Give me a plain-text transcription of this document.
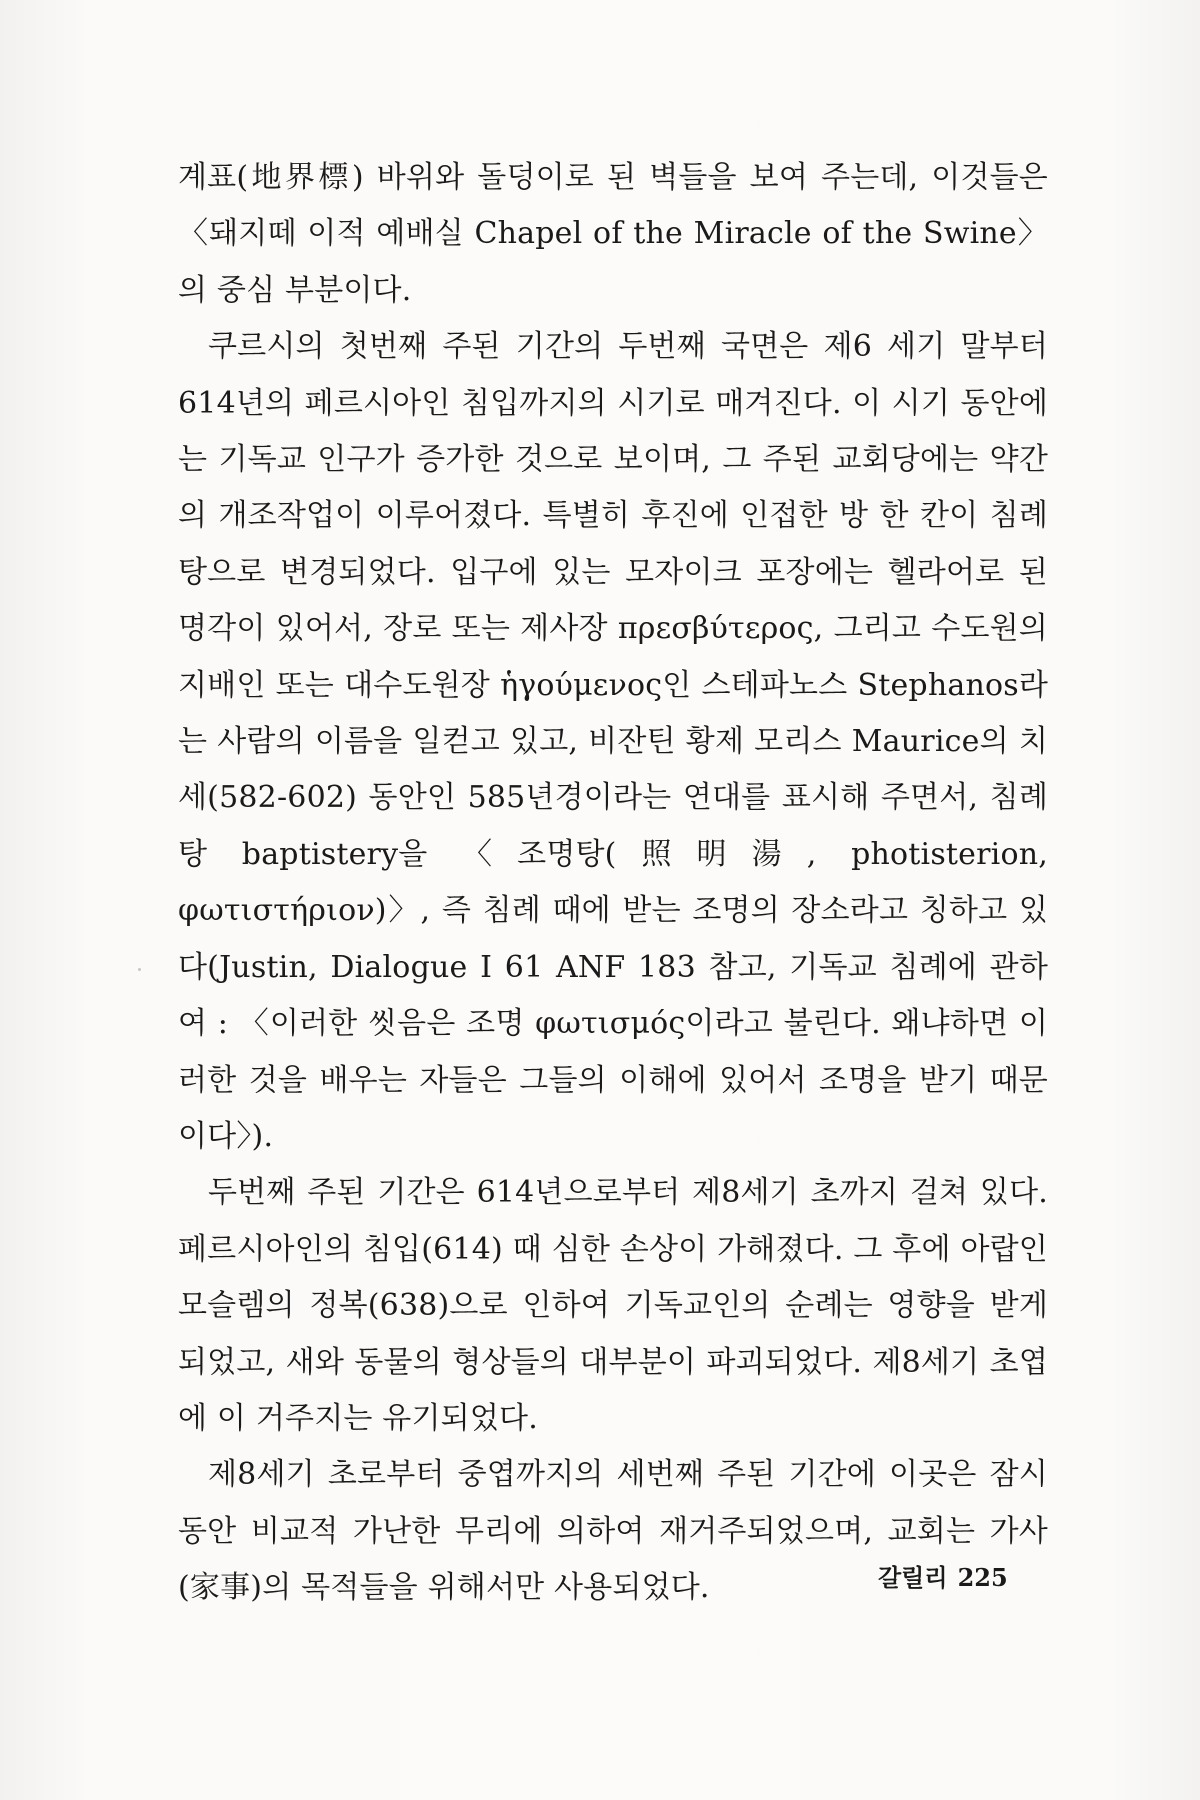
계표(地界標) 바위와 돌덩이로 된 벽들을 보여 주는데, 이것들은 〈돼지떼 이적 예배실 Chapel of the Miracle of the Swine〉의 중심 부분이다.

쿠르시의 첫번째 주된 기간의 두번째 국면은 제6 세기 말부터 614년의 페르시아인 침입까지의 시기로 매겨진다. 이 시기 동안에는 기독교 인구가 증가한 것으로 보이며, 그 주된 교회당에는 약간의 개조작업이 이루어졌다. 특별히 후진에 인접한 방 한 칸이 침례탕으로 변경되었다. 입구에 있는 모자이크 포장에는 헬라어로 된 명각이 있어서, 장로 또는 제사장 πρεσβύτερος, 그리고 수도원의 지배인 또는 대수도원장 ἡγούμενος인 스테파노스 Stephanos라는 사람의 이름을 일컫고 있고, 비잔틴 황제 모리스 Maurice의 치세(582-602) 동안인 585년경이라는 연대를 표시해 주면서, 침례탕 baptistery을 〈조명탕(照明湯, photisterion, φωτιστήριον)〉, 즉 침례 때에 받는 조명의 장소라고 칭하고 있다(Justin, Dialogue I 61 ANF 183 참고, 기독교 침례에 관하여 : 〈이러한 씻음은 조명 φωτισμός이라고 불린다. 왜냐하면 이러한 것을 배우는 자들은 그들의 이해에 있어서 조명을 받기 때문이다〉).

두번째 주된 기간은 614년으로부터 제8세기 초까지 걸쳐 있다. 페르시아인의 침입(614) 때 심한 손상이 가해졌다. 그 후에 아랍인 모슬렘의 정복(638)으로 인하여 기독교인의 순례는 영향을 받게 되었고, 새와 동물의 형상들의 대부분이 파괴되었다. 제8세기 초엽에 이 거주지는 유기되었다.

제8세기 초로부터 중엽까지의 세번째 주된 기간에 이곳은 잠시 동안 비교적 가난한 무리에 의하여 재거주되었으며, 교회는 가사(家事)의 목적들을 위해서만 사용되었다.	갈릴리 225
